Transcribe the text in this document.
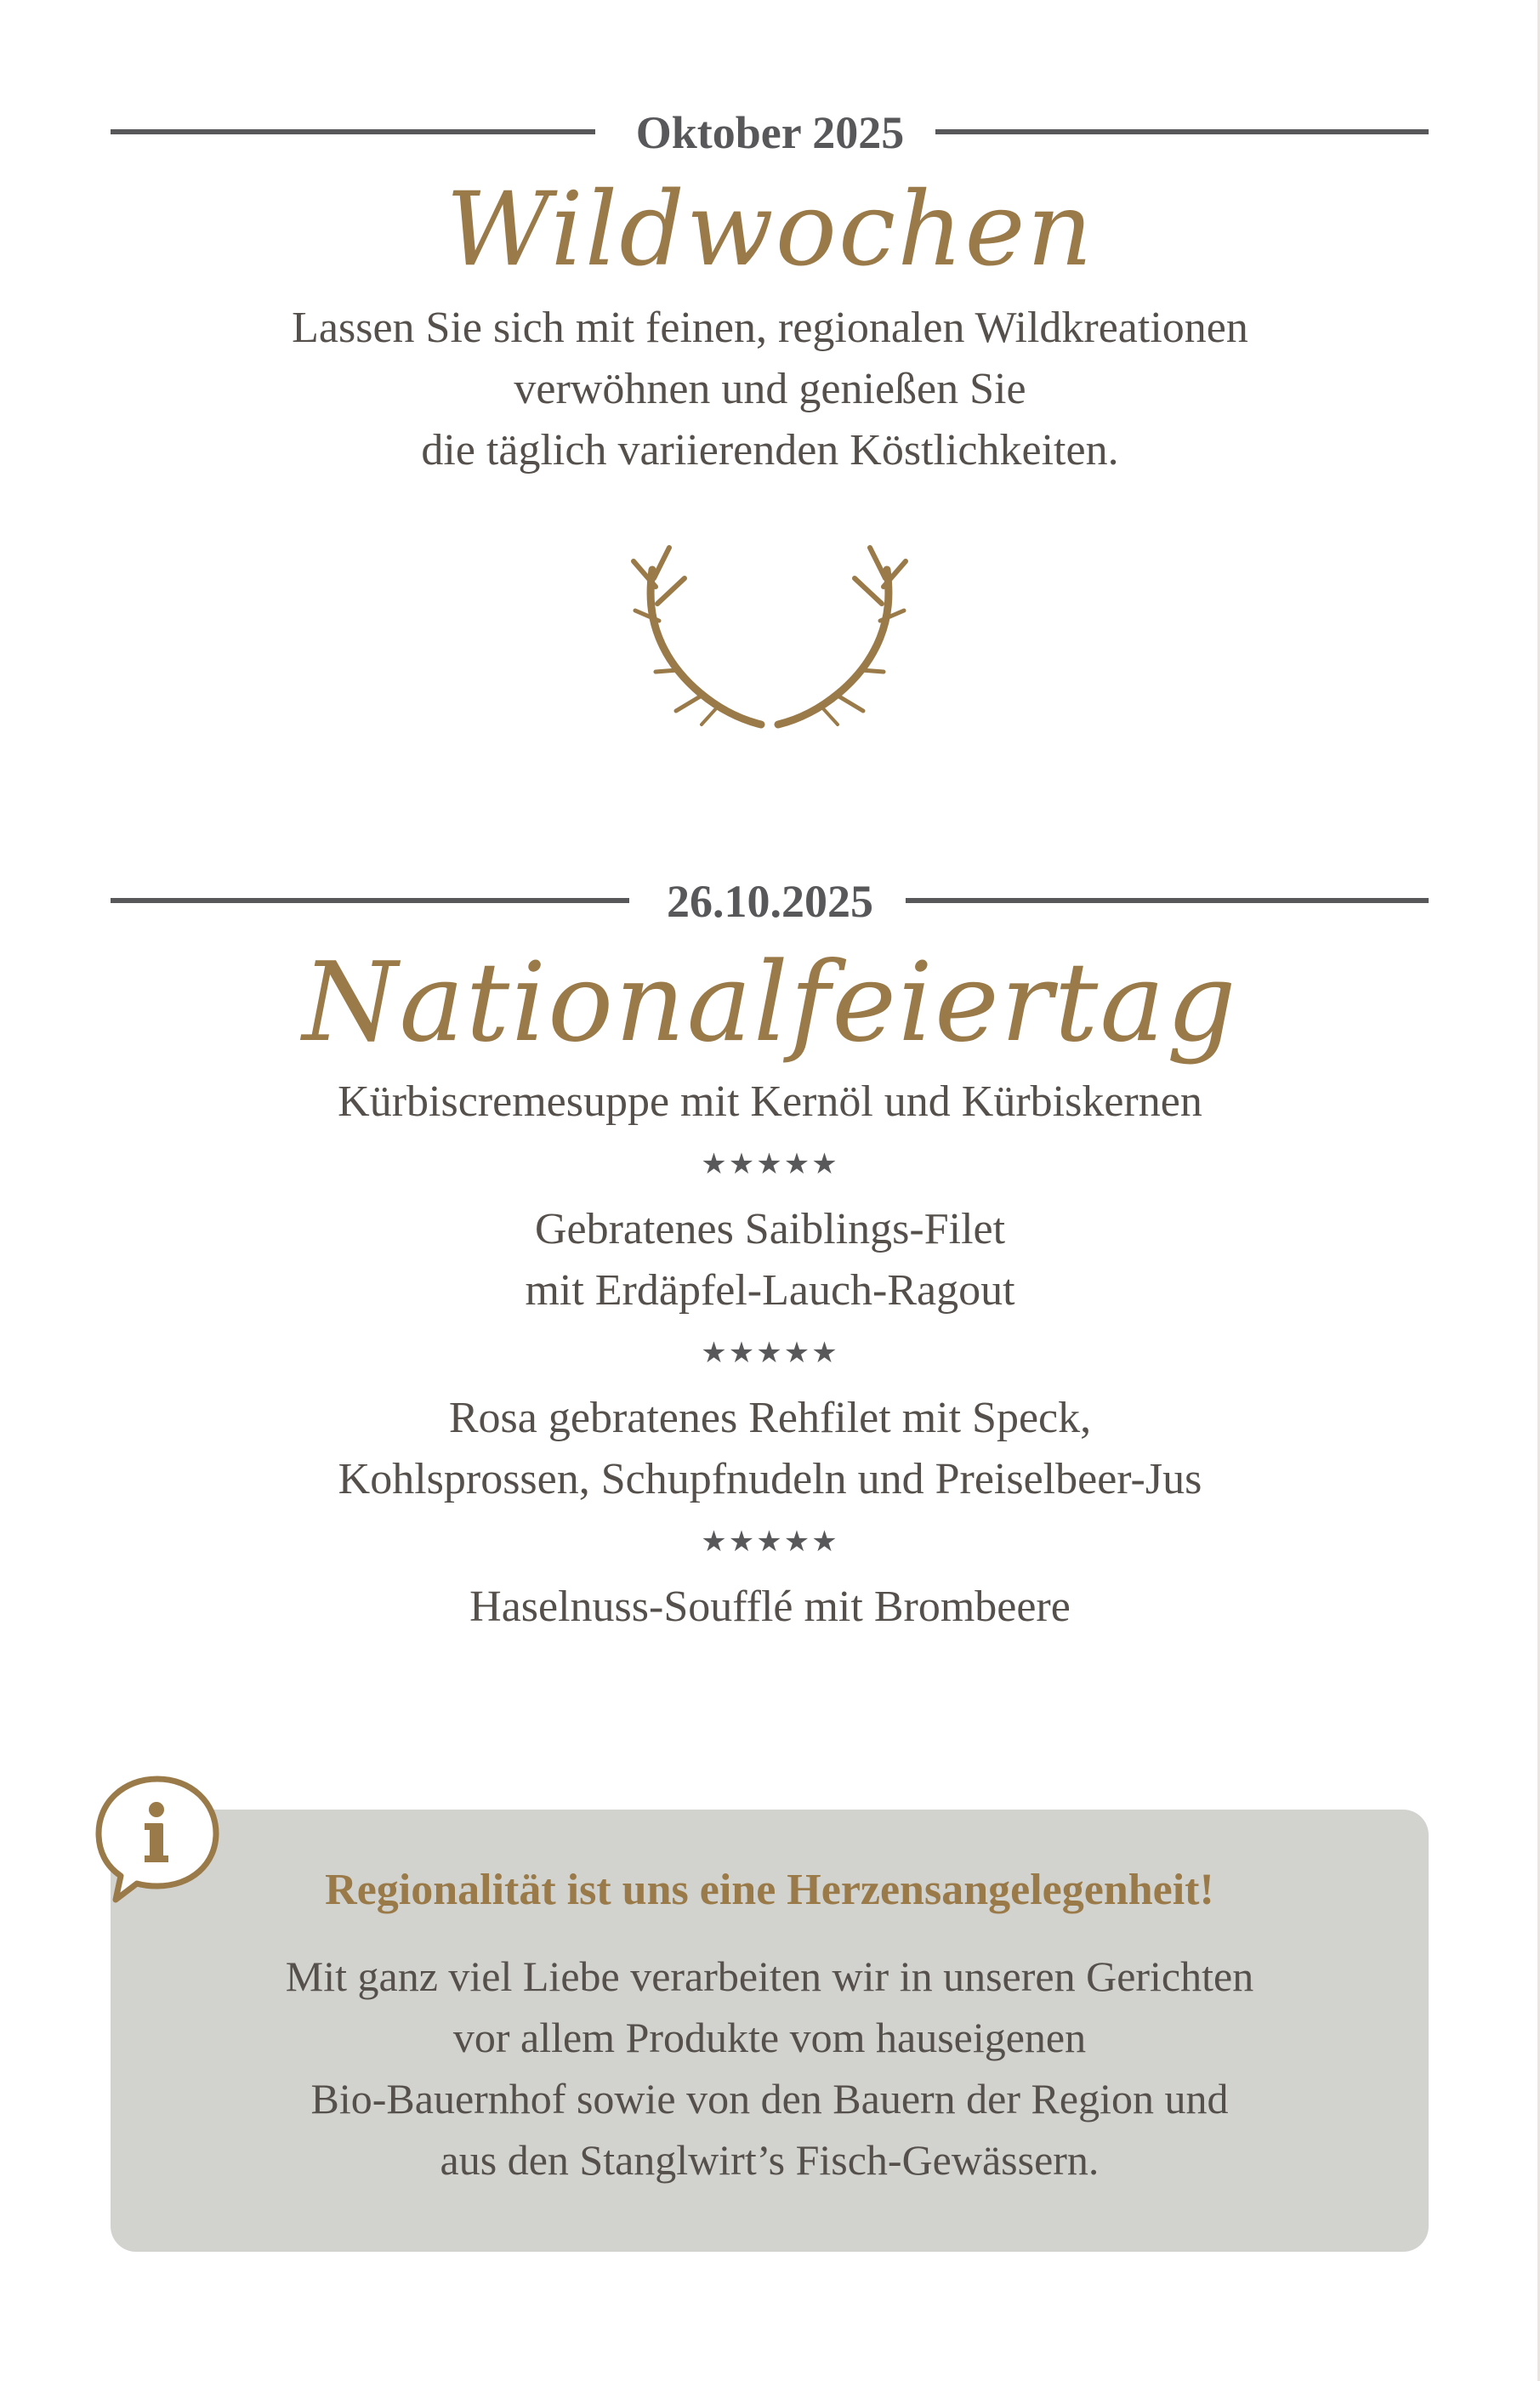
Oktober 2025
Wildwochen
Lassen Sie sich mit feinen, regionalen Wildkreationen
verwöhnen und genießen Sie
die täglich variierenden Köstlichkeiten.
26.10.2025
Nationalfeiertag
Kürbiscremesuppe mit Kernöl und Kürbiskernen
★★★★★
Gebratenes Saiblings-Filet
mit Erdäpfel-Lauch-Ragout
★★★★★
Rosa gebratenes Rehfilet mit Speck,
Kohlsprossen, Schupfnudeln und Preiselbeer-Jus
★★★★★
Haselnuss-Soufflé mit Brombeere
Regionalität ist uns eine Herzensangelegenheit!
Mit ganz viel Liebe verarbeiten wir in unseren Gerichten
vor allem Produkte vom hauseigenen
Bio-Bauernhof sowie von den Bauern der Region und
aus den Stanglwirt’s Fisch-Gewässern.
